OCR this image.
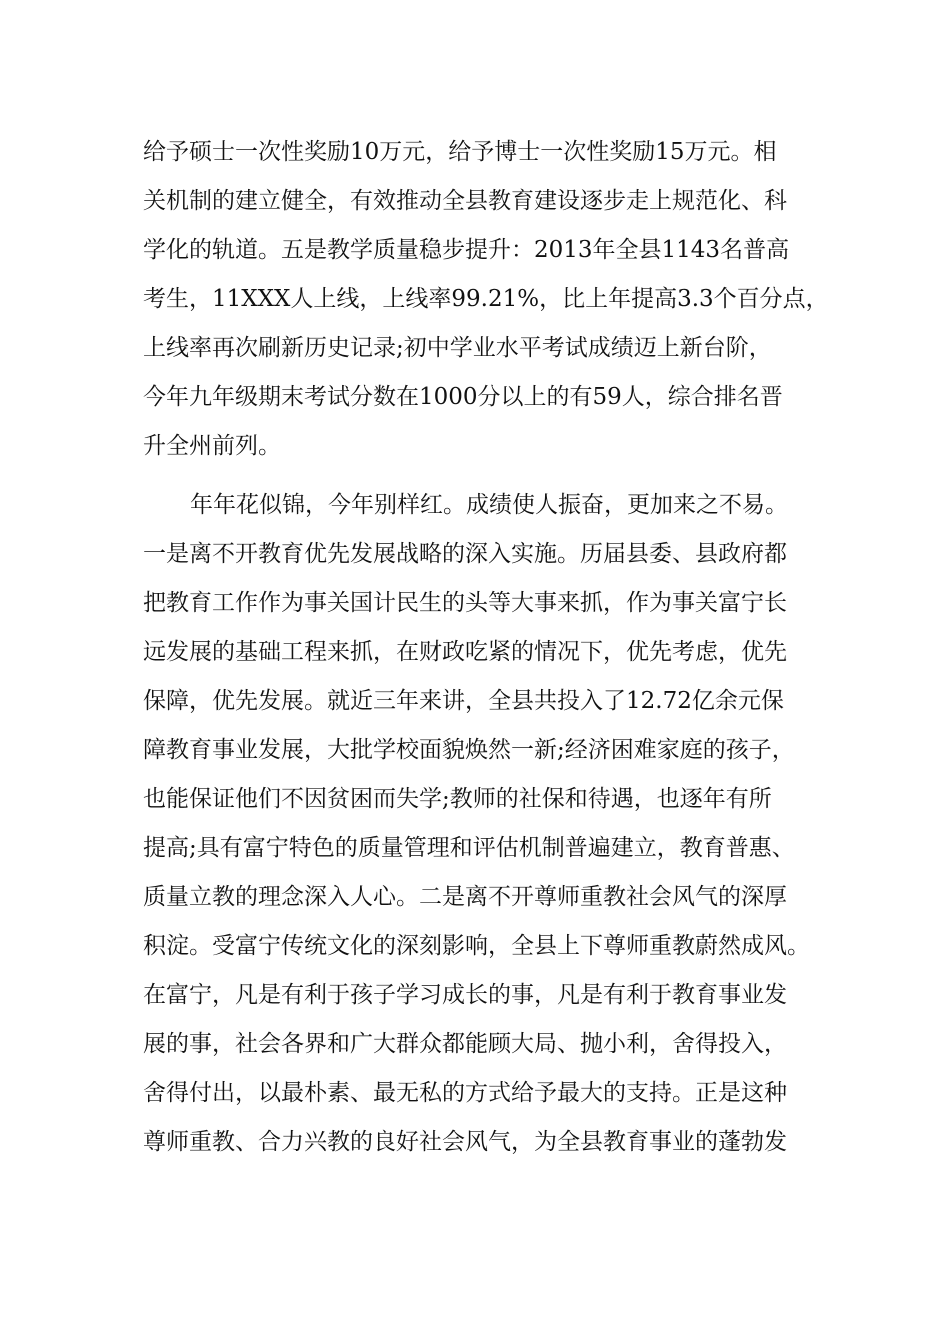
给予硕士一次性奖励10万元，给予博士一次性奖励15万元。相
关机制的建立健全，有效推动全县教育建设逐步走上规范化、科
学化的轨道。五是教学质量稳步提升：2013年全县1143名普高
考生，11XXX人上线，上线率99.21%，比上年提高3.3个百分点，
上线率再次刷新历史记录;初中学业水平考试成绩迈上新台阶，
今年九年级期末考试分数在1000分以上的有59人，综合排名晋
升全州前列。
年年花似锦，今年别样红。成绩使人振奋，更加来之不易。
一是离不开教育优先发展战略的深入实施。历届县委、县政府都
把教育工作作为事关国计民生的头等大事来抓，作为事关富宁长
远发展的基础工程来抓，在财政吃紧的情况下，优先考虑，优先
保障，优先发展。就近三年来讲，全县共投入了12.72亿余元保
障教育事业发展，大批学校面貌焕然一新;经济困难家庭的孩子，
也能保证他们不因贫困而失学;教师的社保和待遇，也逐年有所
提高;具有富宁特色的质量管理和评估机制普遍建立，教育普惠、
质量立教的理念深入人心。二是离不开尊师重教社会风气的深厚
积淀。受富宁传统文化的深刻影响，全县上下尊师重教蔚然成风。
在富宁，凡是有利于孩子学习成长的事，凡是有利于教育事业发
展的事，社会各界和广大群众都能顾大局、抛小利，舍得投入，
舍得付出，以最朴素、最无私的方式给予最大的支持。正是这种
尊师重教、合力兴教的良好社会风气，为全县教育事业的蓬勃发
